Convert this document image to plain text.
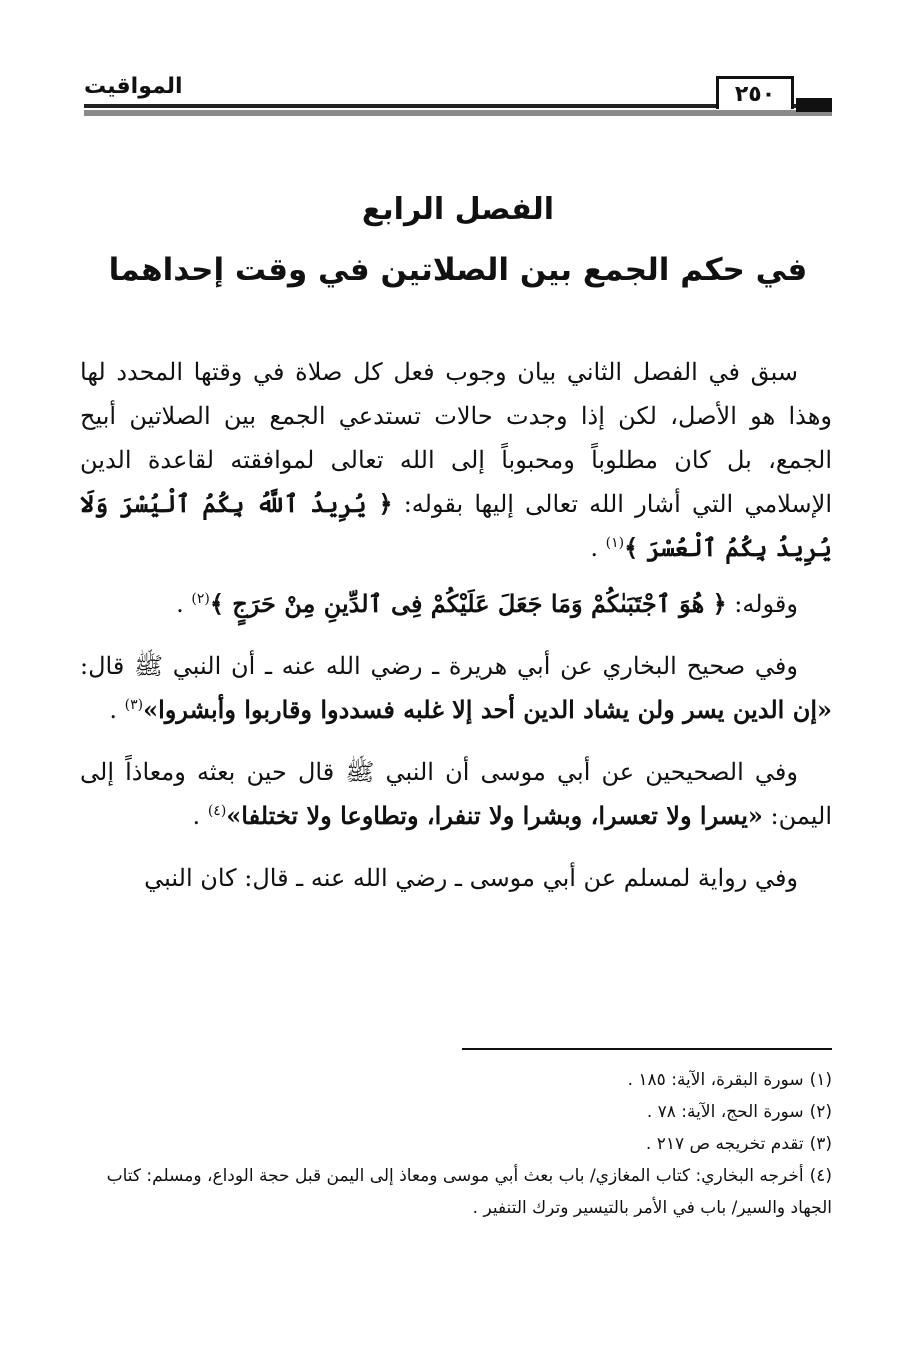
٢٥٠
المواقيت
الفصل الرابع
في حكم الجمع بين الصلاتين في وقت إحداهما

سبق في الفصل الثاني بيان وجوب فعل كل صلاة في وقتها المحدد لها وهذا هو الأصل، لكن إذا وجدت حالات تستدعي الجمع بين الصلاتين أبيح الجمع، بل كان مطلوباً ومحبوباً إلى الله تعالى لموافقته لقاعدة الدين الإسلامي التي أشار الله تعالى إليها بقوله: ﴿ يُرِيدُ ٱللَّهُ بِكُمُ ٱلْيُسْرَ وَلَا يُرِيدُ بِكُمُ ٱلْعُسْرَ ﴾$^{(١)}$ .

وقوله: ﴿ هُوَ ٱجْتَبَىٰكُمْ وَمَا جَعَلَ عَلَيْكُمْ فِى ٱلدِّينِ مِنْ حَرَجٍ ﴾$^{(٢)}$ .

وفي صحيح البخاري عن أبي هريرة ـ رضي الله عنه ـ أن النبي ﷺ قال: «إن الدين يسر ولن يشاد الدين أحد إلا غلبه فسددوا وقاربوا وأبشروا»$^{(٣)}$ .

وفي الصحيحين عن أبي موسى أن النبي ﷺ قال حين بعثه ومعاذاً إلى اليمن: «يسرا ولا تعسرا، وبشرا ولا تنفرا، وتطاوعا ولا تختلفا»$^{(٤)}$ .

وفي رواية لمسلم عن أبي موسى ـ رضي الله عنه ـ قال: كان النبي

(١)سورة البقرة، الآية: ١٨٥ .

(٢)سورة الحج، الآية: ٧٨ .

(٣)تقدم تخريجه ص ٢١٧ .

(٤)أخرجه البخاري: كتاب المغازي/ باب بعث أبي موسى ومعاذ إلى اليمن قبل حجة الوداع، ومسلم: كتاب الجهاد والسير/ باب في الأمر بالتيسير وترك التنفير .
